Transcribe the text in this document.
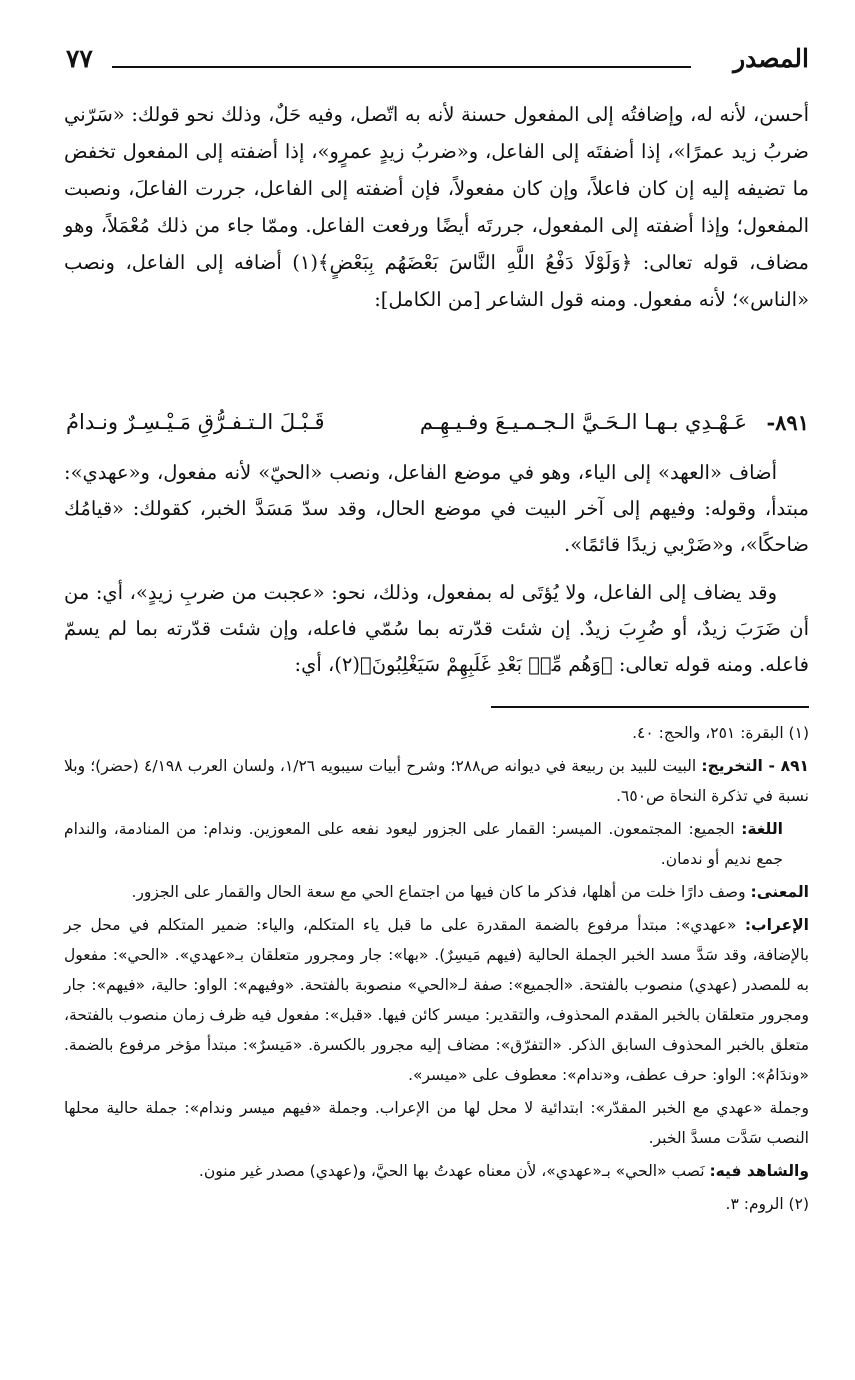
المصدر
٧٧

أحسن، لأنه له، وإضافتُه إلى المفعول حسنة لأنه به اتّصل، وفيه حَلٌ، وذلك نحو قولك: «سَرّني ضربُ زيد عمرًا»، إذا أضفتَه إلى الفاعل، و«ضربُ زيدٍ عمرٍو»، إذا أضفته إلى المفعول تخفض ما تضيفه إليه إن كان فاعلاً، وإن كان مفعولاً، فإن أضفته إلى الفاعل، جررت الفاعلَ، ونصبت المفعول؛ وإذا أضفته إلى المفعول، جررتَه أيضًا ورفعت الفاعل. وممّا جاء من ذلك مُعْمَلاً، وهو مضاف، قوله تعالى: ﴿وَلَوْلَا دَفْعُ اللَّهِ النَّاسَ بَعْضَهُم بِبَعْضٍ﴾(١) أضافه إلى الفاعل، ونصب «الناس»؛ لأنه مفعول. ومنه قول الشاعر [من الكامل]:

٨٩١-
عَـهْـدِي بـهـا الـحَـيَّ الـجـمـيـعَ وفـيـهِـم
قَـبْـلَ الـتـفـرُّقِ مَـيْـسِـرٌ ونـدامُ

أضاف «العهد» إلى الياء، وهو في موضع الفاعل، ونصب «الحيّ» لأنه مفعول، و«عهدي»: مبتدأ، وقوله: وفيهم إلى آخر البيت في موضع الحال، وقد سدّ مَسَدَّ الخبر، كقولك: «قيامُك ضاحكًا»، و«ضَرْبي زيدًا قائمًا».

وقد يضاف إلى الفاعل، ولا يُؤتَى له بمفعول، وذلك، نحو: «عجبت من ضربِ زيدٍ»، أي: من أن ضَرَبَ زيدٌ، أو ضُرِبَ زيدٌ. إن شئت قدّرته بما سُمّي فاعله، وإن شئت قدّرته بما لم يسمّ فاعله. ومنه قوله تعالى: ﴿وَهُم مِّنۢ بَعْدِ غَلَبِهِمْ سَيَغْلِبُونَ﴾(٢)، أي:

(١) البقرة: ٢٥١، والحج: ٤٠.

٨٩١ - التخريج: البيت للبيد بن ربيعة في ديوانه ص٢٨٨؛ وشرح أبيات سيبويه ١/٢٦، ولسان العرب ٤/١٩٨ (حضر)؛ وبلا نسبة في تذكرة النحاة ص٦٥٠.

اللغة: الجميع: المجتمعون. الميسر: القمار على الجزور ليعود نفعه على المعوزين. وندام: من المنادمة، والندام جمع نديم أو ندمان.

المعنى: وصف دارًا خلت من أهلها، فذكر ما كان فيها من اجتماع الحي مع سعة الحال والقمار على الجزور.

الإعراب: «عهدي»: مبتدأ مرفوع بالضمة المقدرة على ما قبل ياء المتكلم، والياء: ضمير المتكلم في محل جر بالإضافة، وقد سَدَّ مسد الخبر الجملة الحالية (فيهم مَيسِرٌ). «بها»: جار ومجرور متعلقان بـ«عهدي». «الحي»: مفعول به للمصدر (عهدي) منصوب بالفتحة. «الجميع»: صفة لـ«الحي» منصوبة بالفتحة. «وفيهم»: الواو: حالية، «فيهم»: جار ومجرور متعلقان بالخبر المقدم المحذوف، والتقدير: ميسر كائن فيها. «قبل»: مفعول فيه ظرف زمان منصوب بالفتحة، متعلق بالخبر المحذوف السابق الذكر. «التفرّق»: مضاف إليه مجرور بالكسرة. «مَيسرٌ»: مبتدأ مؤخر مرفوع بالضمة. «وندَامُ»: الواو: حرف عطف، و«ندام»: معطوف على «ميسر».

وجملة «عهدي مع الخبر المقدّر»: ابتدائية لا محل لها من الإعراب. وجملة «فيهم ميسر وندام»: جملة حالية محلها النصب سَدَّت مسدَّ الخبر.

والشاهد فيه: نَصب «الحي» بـ«عهدي»، لأن معناه عهدتُ بها الحيَّ، و(عهدي) مصدر غير منون.

(٢) الروم: ٣.
